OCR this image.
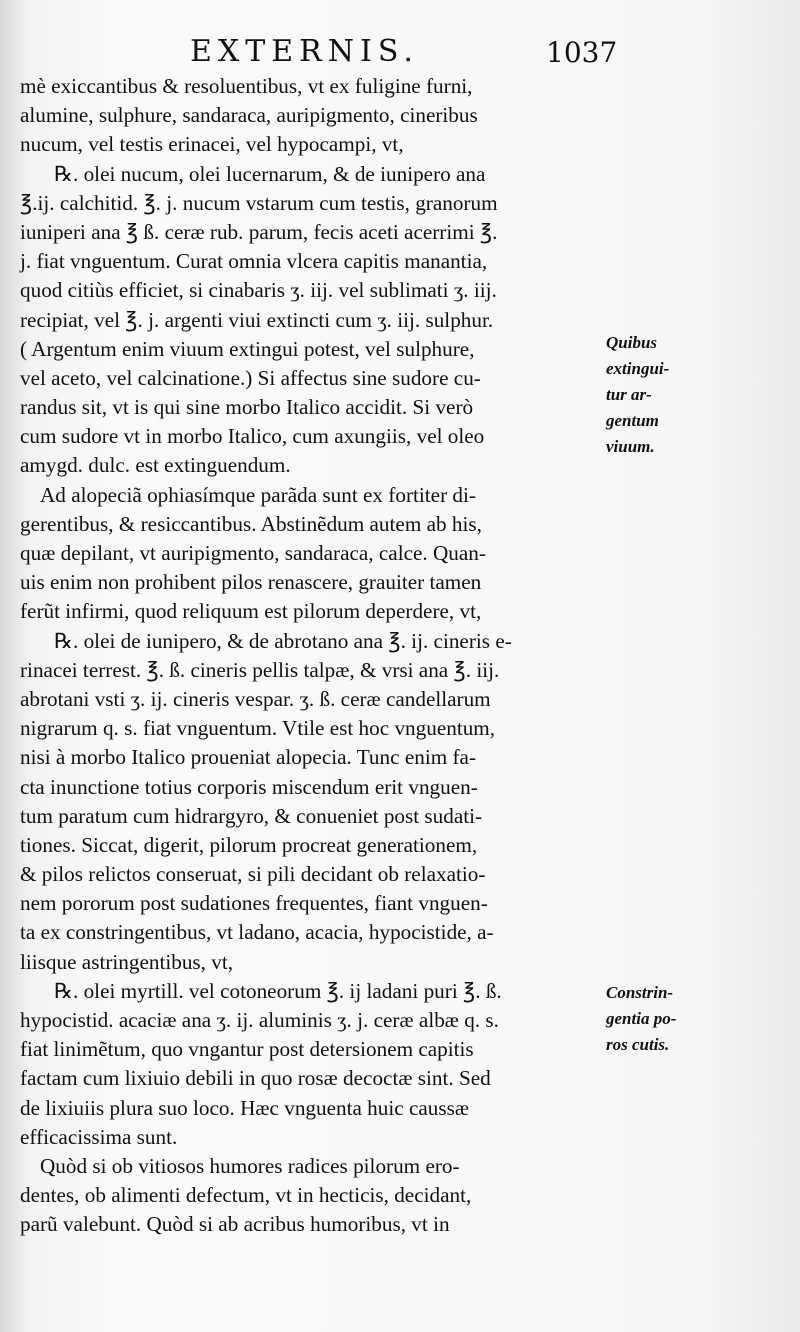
EXTERNIS.	1037
mè exiccantibus & resoluentibus, vt ex fuligine furni,
alumine, sulphure, sandaraca, auripigmento, cineribus
nucum, vel testis erinacei, vel hypocampi, vt,
℞. olei nucum, olei lucernarum, & de iunipero ana
℥.ij. calchitid. ℥. j. nucum vstarum cum testis, granorum
iuniperi ana ℥ ß. ceræ rub. parum, fecis aceti acerrimi ℥.
j. fiat vnguentum. Curat omnia vlcera capitis manantia,
quod citiùs efficiet, si cinabaris ʒ. iij. vel sublimati ʒ. iij.
recipiat, vel ℥. j. argenti viui extincti cum ʒ. iij. sulphur.
( Argentum enim viuum extingui potest, vel sulphure,
vel aceto, vel calcinatione.) Si affectus sine sudore cu-
randus sit, vt is qui sine morbo Italico accidit. Si verò
cum sudore vt in morbo Italico, cum axungiis, vel oleo
amygd. dulc. est extinguendum.
Ad alopeciã ophiasímque parãda sunt ex fortiter di-
gerentibus, & resiccantibus. Abstinẽdum autem ab his,
quæ depilant, vt auripigmento, sandaraca, calce. Quan-
uis enim non prohibent pilos renascere, grauiter tamen
ferũt infirmi, quod reliquum est pilorum deperdere, vt,
℞. olei de iunipero, & de abrotano ana ℥. ij. cineris e-
rinacei terrest. ℥. ß. cineris pellis talpæ, & vrsi ana ℥. iij.
abrotani vsti ʒ. ij. cineris vespar. ʒ. ß. ceræ candellarum
nigrarum q. s. fiat vnguentum. Vtile est hoc vnguentum,
nisi à morbo Italico proueniat alopecia. Tunc enim fa-
cta inunctione totius corporis miscendum erit vnguen-
tum paratum cum hidrargyro, & conueniet post sudati-
tiones. Siccat, digerit, pilorum procreat generationem,
& pilos relictos conseruat, si pili decidant ob relaxatio-
nem pororum post sudationes frequentes, fiant vnguen-
ta ex constringentibus, vt ladano, acacia, hypocistide, a-
liisque astringentibus, vt,
℞. olei myrtill. vel cotoneorum ℥. ij ladani puri ℥. ß.
hypocistid. acaciæ ana ʒ. ij. aluminis ʒ. j. ceræ albæ q. s.
fiat linimẽtum, quo vngantur post detersionem capitis
factam cum lixiuio debili in quo rosæ decoctæ sint. Sed
de lixiuiis plura suo loco. Hæc vnguenta huic caussæ
efficacissima sunt.
Quòd si ob vitiosos humores radices pilorum ero-
dentes, ob alimenti defectum, vt in hecticis, decidant,
parũ valebunt. Quòd si ab acribus humoribus, vt in
Quibus
extingui-
tur ar-
gentum
viuum.
Constrin-
gentia po-
ros cutis.
